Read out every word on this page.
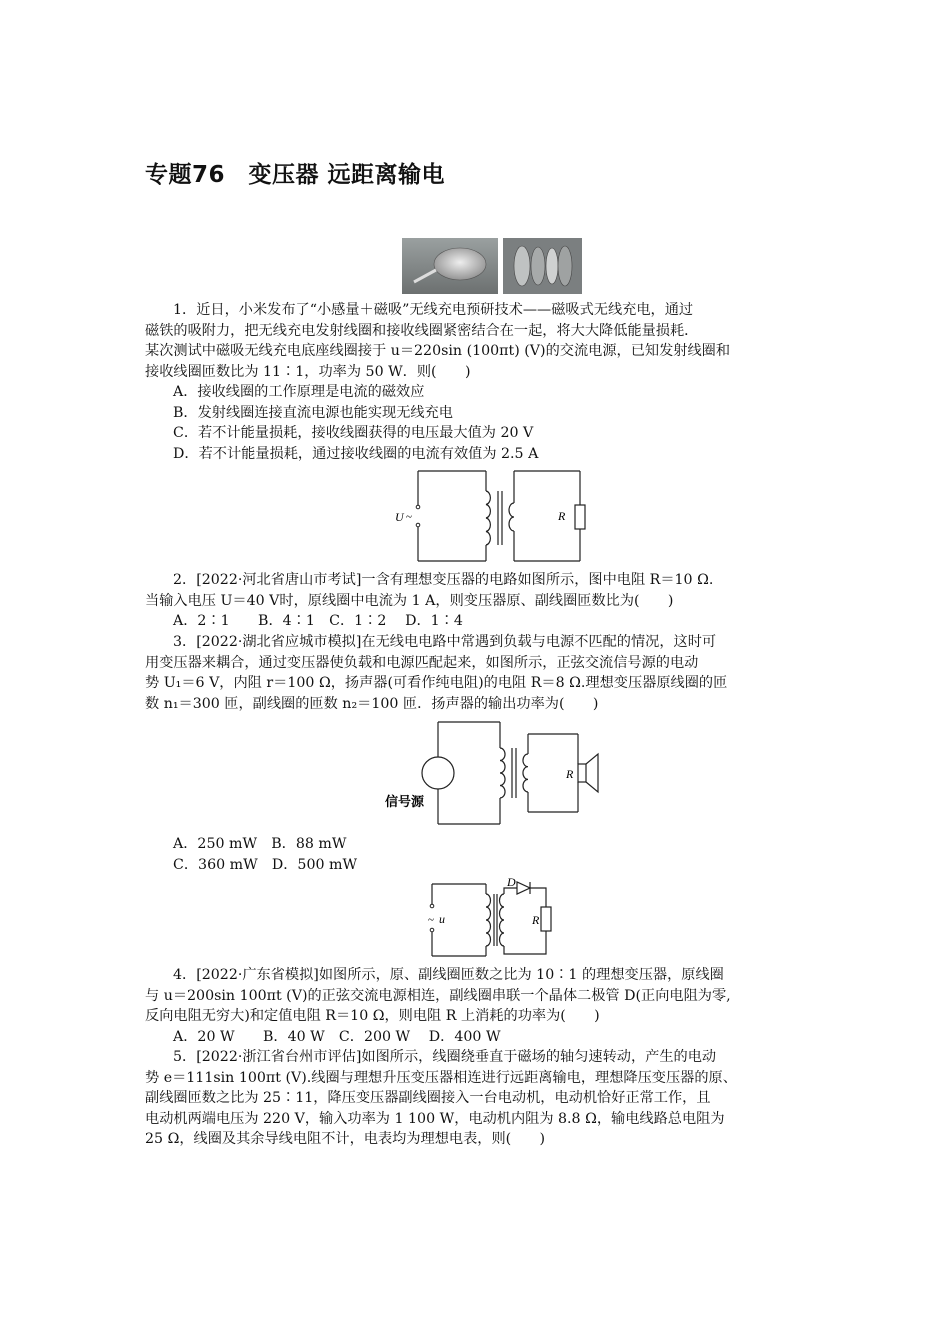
专题76　变压器 远距离输电

1．近日，小米发布了“小感量＋磁吸”无线充电预研技术——磁吸式无线充电，通过

磁铁的吸附力，把无线充电发射线圈和接收线圈紧密结合在一起，将大大降低能量损耗．

某次测试中磁吸无线充电底座线圈接于 u＝220sin (100πt) (V)的交流电源，已知发射线圈和

接收线圈匝数比为 11∶1，功率为 50 W．则(　　)

A．接收线圈的工作原理是电流的磁效应

B．发射线圈连接直流电源也能实现无线充电

C．若不计能量损耗，接收线圈获得的电压最大值为 20 V

D．若不计能量损耗，通过接收线圈的电流有效值为 2.5 A

U ~	R

2．[2022·河北省唐山市考试]一含有理想变压器的电路如图所示，图中电阻 R＝10 Ω.

当输入电压 U＝40 V时，原线圈中电流为 1 A，则变压器原、副线圈匝数比为(　　)

A．2∶1　　B．4∶1　C．1∶2　 D．1∶4

3．[2022·湖北省应城市模拟]在无线电电路中常遇到负载与电源不匹配的情况，这时可

用变压器来耦合，通过变压器使负载和电源匹配起来，如图所示，正弦交流信号源的电动

势 U₁＝6 V，内阻 r＝100 Ω，扬声器(可看作纯电阻)的电阻 R＝8 Ω.理想变压器原线圈的匝

数 n₁＝300 匝，副线圈的匝数 n₂＝100 匝．扬声器的输出功率为(　　)

信号源
R

A．250 mW　B．88 mW

C．360 mW　D．500 mW

~ u
D
R

4．[2022·广东省模拟]如图所示，原、副线圈匝数之比为 10∶1 的理想变压器，原线圈

与 u＝200sin 100πt (V)的正弦交流电源相连，副线圈串联一个晶体二极管 D(正向电阻为零,

反向电阻无穷大)和定值电阻 R＝10 Ω，则电阻 R 上消耗的功率为(　　)

A．20 W　　B．40 W　C．200 W　 D．400 W

5．[2022·浙江省台州市评估]如图所示，线圈绕垂直于磁场的轴匀速转动，产生的电动

势 e＝111sin 100πt (V).线圈与理想升压变压器相连进行远距离输电，理想降压变压器的原、

副线圈匝数之比为 25∶11，降压变压器副线圈接入一台电动机，电动机恰好正常工作，且

电动机两端电压为 220 V，输入功率为 1 100 W，电动机内阻为 8.8 Ω，输电线路总电阻为

25 Ω，线圈及其余导线电阻不计，电表均为理想电表，则(　　)
